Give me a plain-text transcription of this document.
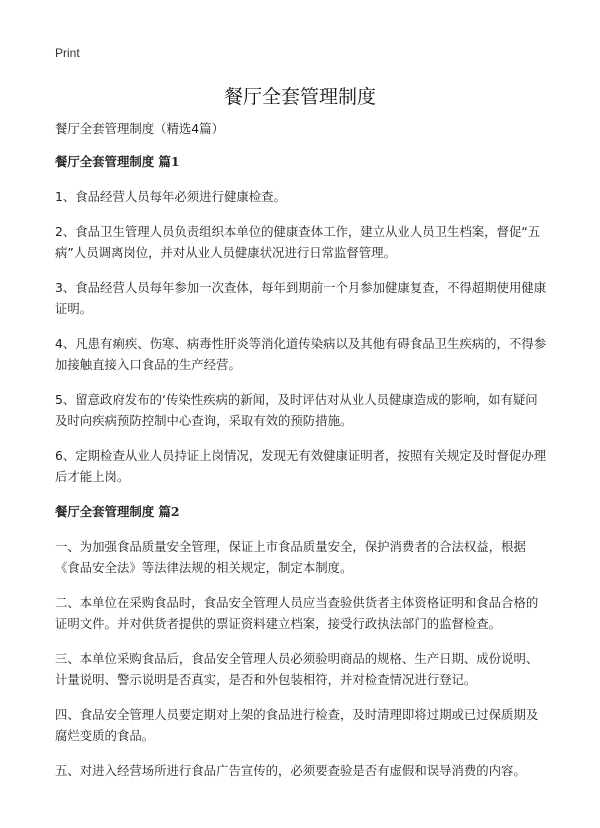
Print
餐厅全套管理制度
餐厅全套管理制度（精选4篇）
餐厅全套管理制度 篇1

1、食品经营人员每年必须进行健康检查。

2、食品卫生管理人员负责组织本单位的健康查体工作，建立从业人员卫生档案，督促“五病”人员调离岗位，并对从业人员健康状况进行日常监督管理。

3、食品经营人员每年参加一次查体，每年到期前一个月参加健康复查，不得超期使用健康证明。

4、凡患有痢疾、伤寒、病毒性肝炎等消化道传染病以及其他有碍食品卫生疾病的，不得参加接触直接入口食品的生产经营。

5、留意政府发布的‘传染性疾病的新闻，及时评估对从业人员健康造成的影响，如有疑问及时向疾病预防控制中心查询，采取有效的预防措施。

6、定期检查从业人员持证上岗情况，发现无有效健康证明者，按照有关规定及时督促办理后才能上岗。

餐厅全套管理制度 篇2

一、为加强食品质量安全管理，保证上市食品质量安全，保护消费者的合法权益，根据《食品安全法》等法律法规的相关规定，制定本制度。

二、本单位在采购食品时，食品安全管理人员应当查验供货者主体资格证明和食品合格的证明文件。并对供货者提供的票证资料建立档案，接受行政执法部门的监督检查。

三、本单位采购食品后，食品安全管理人员必须验明商品的规格、生产日期、成份说明、计量说明、警示说明是否真实，是否和外包装相符，并对检查情况进行登记。

四、食品安全管理人员要定期对上架的食品进行检查，及时清理即将过期或已过保质期及腐烂变质的食品。

五、对进入经营场所进行食品广告宣传的，必须要查验是否有虚假和误导消费的内容。
